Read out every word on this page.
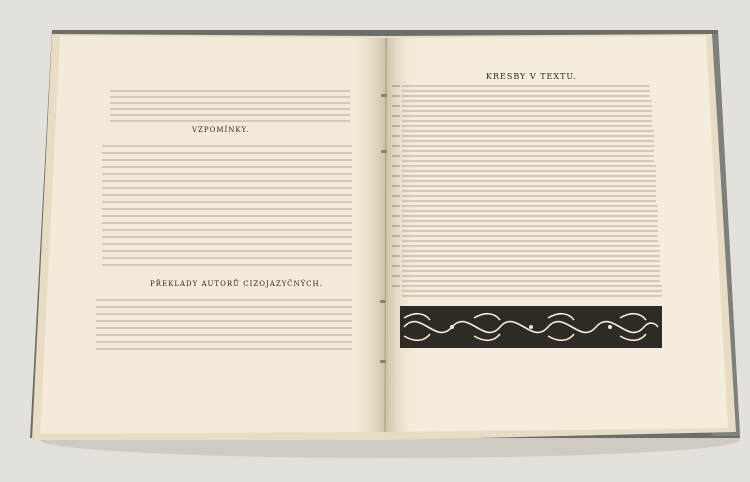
VZPOMÍNKY.
PŘEKLADY AUTORŮ CIZOJAZYČNÝCH.
KRESBY V TEXTU.
